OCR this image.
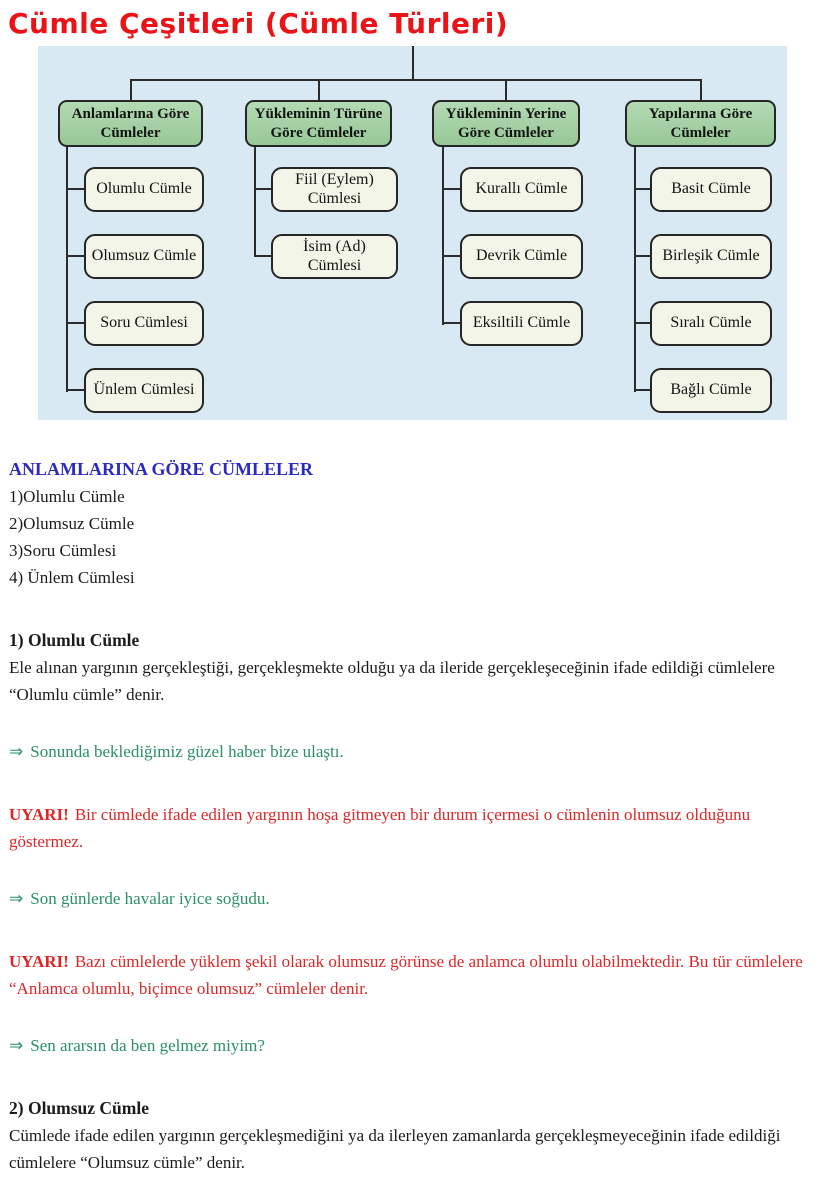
Cümle Çeşitleri (Cümle Türleri)
Anlamlarına Göre Cümleler
Yükleminin Türüne Göre Cümleler
Yükleminin Yerine Göre Cümleler
Yapılarına Göre Cümleler
Olumlu Cümle
Olumsuz Cümle
Soru Cümlesi
Ünlem Cümlesi
Fiil (Eylem) Cümlesi
İsim (Ad) Cümlesi
Kurallı Cümle
Devrik Cümle
Eksiltili Cümle
Basit Cümle
Birleşik Cümle
Sıralı Cümle
Bağlı Cümle
ANLAMLARINA GÖRE CÜMLELER
1)Olumlu Cümle
2)Olumsuz Cümle
3)Soru Cümlesi
4) Ünlem Cümlesi
1) Olumlu Cümle

Ele alınan yargının gerçekleştiği, gerçekleşmekte olduğu ya da ileride gerçekleşeceğinin ifade edildiği cümlelere “Olumlu cümle” denir.

⇒ Sonunda beklediğimiz güzel haber bize ulaştı.
UYARI! Bir cümlede ifade edilen yargının hoşa gitmeyen bir durum içermesi o cümlenin olumsuz olduğunu göstermez.
⇒ Son günlerde havalar iyice soğudu.
UYARI! Bazı cümlelerde yüklem şekil olarak olumsuz görünse de anlamca olumlu olabilmektedir. Bu tür cümlelere “Anlamca olumlu, biçimce olumsuz” cümleler denir.
⇒ Sen ararsın da ben gelmez miyim?
2) Olumsuz Cümle

Cümlede ifade edilen yargının gerçekleşmediğini ya da ilerleyen zamanlarda gerçekleşmeyeceğinin ifade edildiği cümlelere “Olumsuz cümle” denir.
